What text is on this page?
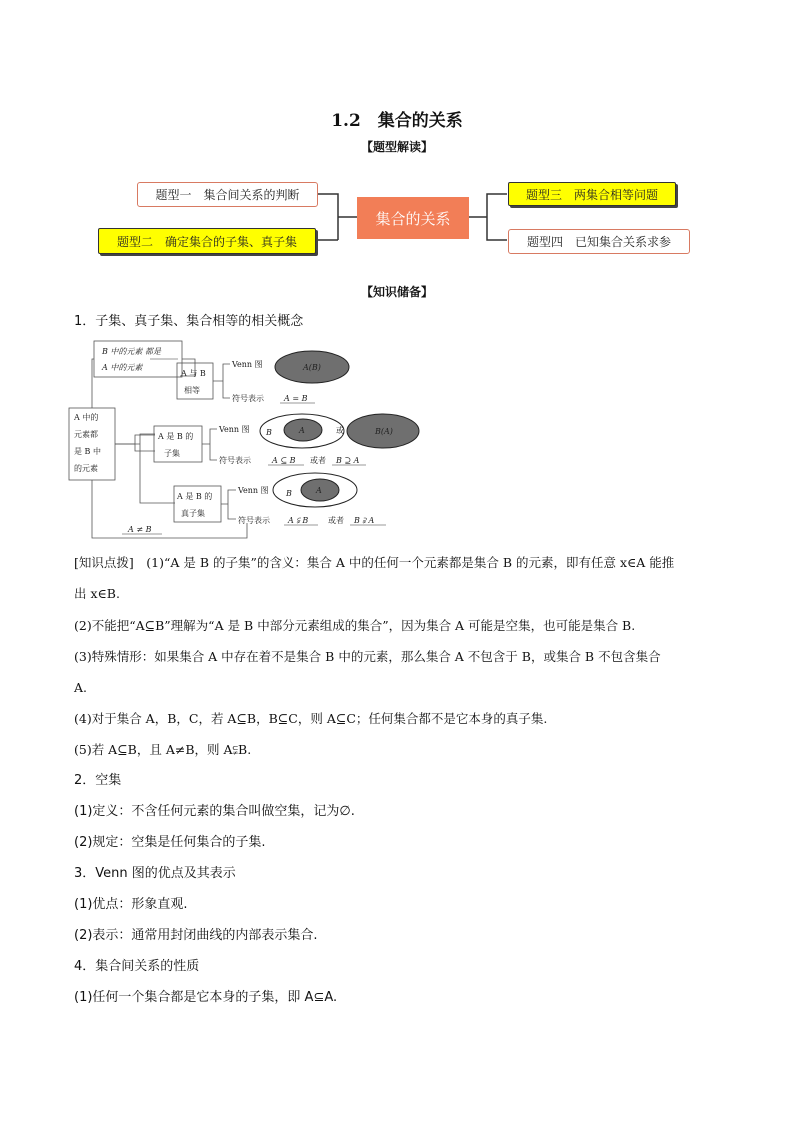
1.2　集合的关系
【题型解读】
题型一　集合间关系的判断
题型二　确定集合的子集、真子集
集合的关系
题型三　两集合相等问题
题型四　已知集合关系求参
【知识储备】
1．子集、真子集、集合相等的相关概念
B 中的元素 都是
A 中的元素
A 中的
元素都
是 B 中
的元素
A 与 B
相等
A 是 B 的
子集
A 是 B 的
真子集
Venn 图
符号表示	A = B
Venn 图
符号表示	A ⊆ B 或者 B ⊇ A
Venn 图
符号表示 A ⫋ B 或者 B ⫌ A
A ≠ B
A(B)
A
B	或	B(A)
A
B
[知识点拨]　(1)“A 是 B 的子集”的含义：集合 A 中的任何一个元素都是集合 B 的元素，即有任意 x∈A 能推
出 x∈B.
(2)不能把“A⊆B”理解为“A 是 B 中部分元素组成的集合”，因为集合 A 可能是空集，也可能是集合 B.
(3)特殊情形：如果集合 A 中存在着不是集合 B 中的元素，那么集合 A 不包含于 B，或集合 B 不包含集合
A.
(4)对于集合 A，B，C，若 A⊆B，B⊆C，则 A⊆C；任何集合都不是它本身的真子集.
(5)若 A⊆B，且 A≠B，则 A⫋B.
2．空集
(1)定义：不含任何元素的集合叫做空集，记为∅.
(2)规定：空集是任何集合的子集.
3．Venn 图的优点及其表示
(1)优点：形象直观.
(2)表示：通常用封闭曲线的内部表示集合.
4．集合间关系的性质
(1)任何一个集合都是它本身的子集，即 A⊆A.
